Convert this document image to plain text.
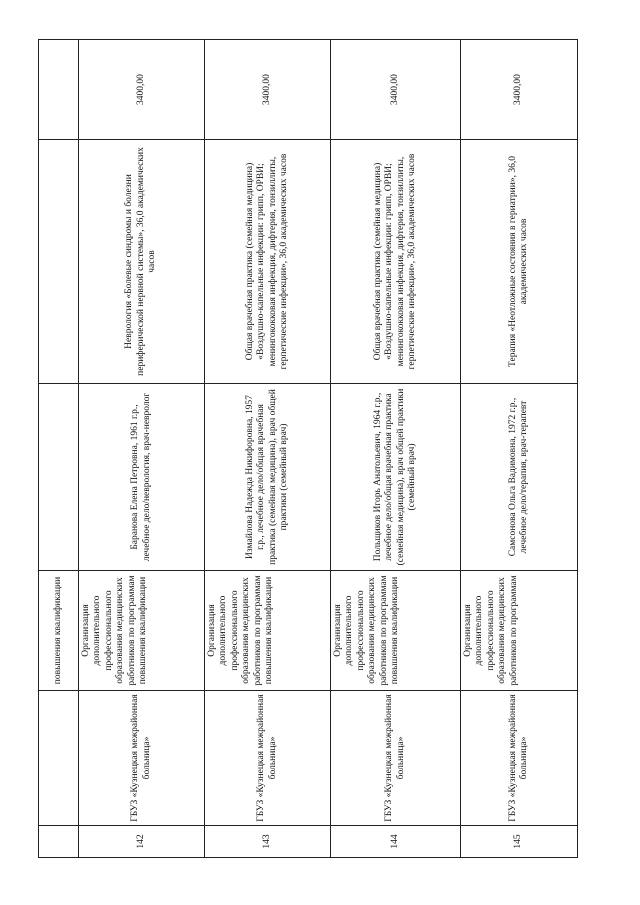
		повышения квалификации			
142	ГБУЗ «Кузнецкая межрайонная больница»	Организация дополнительного профессионального образования медицинских работников по программам повышения квалификации	Баранова Елена Петровна, 1961 г.р., лечебное дело/неврология, врач-невролог	Неврология «Болевые синдромы и болезни периферической нервной системы», 36,0 академических часов	3400,00
143	ГБУЗ «Кузнецкая межрайонная больница»	Организация дополнительного профессионального образования медицинских работников по программам повышения квалификации	Измайлова Надежда Никифоровна, 1957 г.р., лечебное дело/общая врачебная практика (семейная медицина), врач общей практики (семейный врач)	Общая врачебная практика (семейная медицина) «Воздушно-капельные инфекции: грипп, ОРВИ; менингококковая инфекция, дифтерия, тонзиллиты, герпетические инфекции», 36,0 академических часов	3400,00
144	ГБУЗ «Кузнецкая межрайонная больница»	Организация дополнительного профессионального образования медицинских работников по программам повышения квалификации	Польщиков Игорь Анатольевич, 1964 г.р., лечебное дело/общая врачебная практика (семейная медицина), врач общей практики (семейный врач)	Общая врачебная практика (семейная медицина) «Воздушно-капельные инфекции: грипп, ОРВИ; менингококковая инфекция, дифтерия, тонзиллиты, герпетические инфекции», 36,0 академических часов	3400,00
145	ГБУЗ «Кузнецкая межрайонная больница»	Организация дополнительного профессионального образования медицинских работников по программам	Самсонова Ольга Вадимовна, 1972 г.р., лечебное дело/терапия, врач-терапевт	Терапия «Неотложные состояния в гериатрии», 36,0 академических часов	3400,00
